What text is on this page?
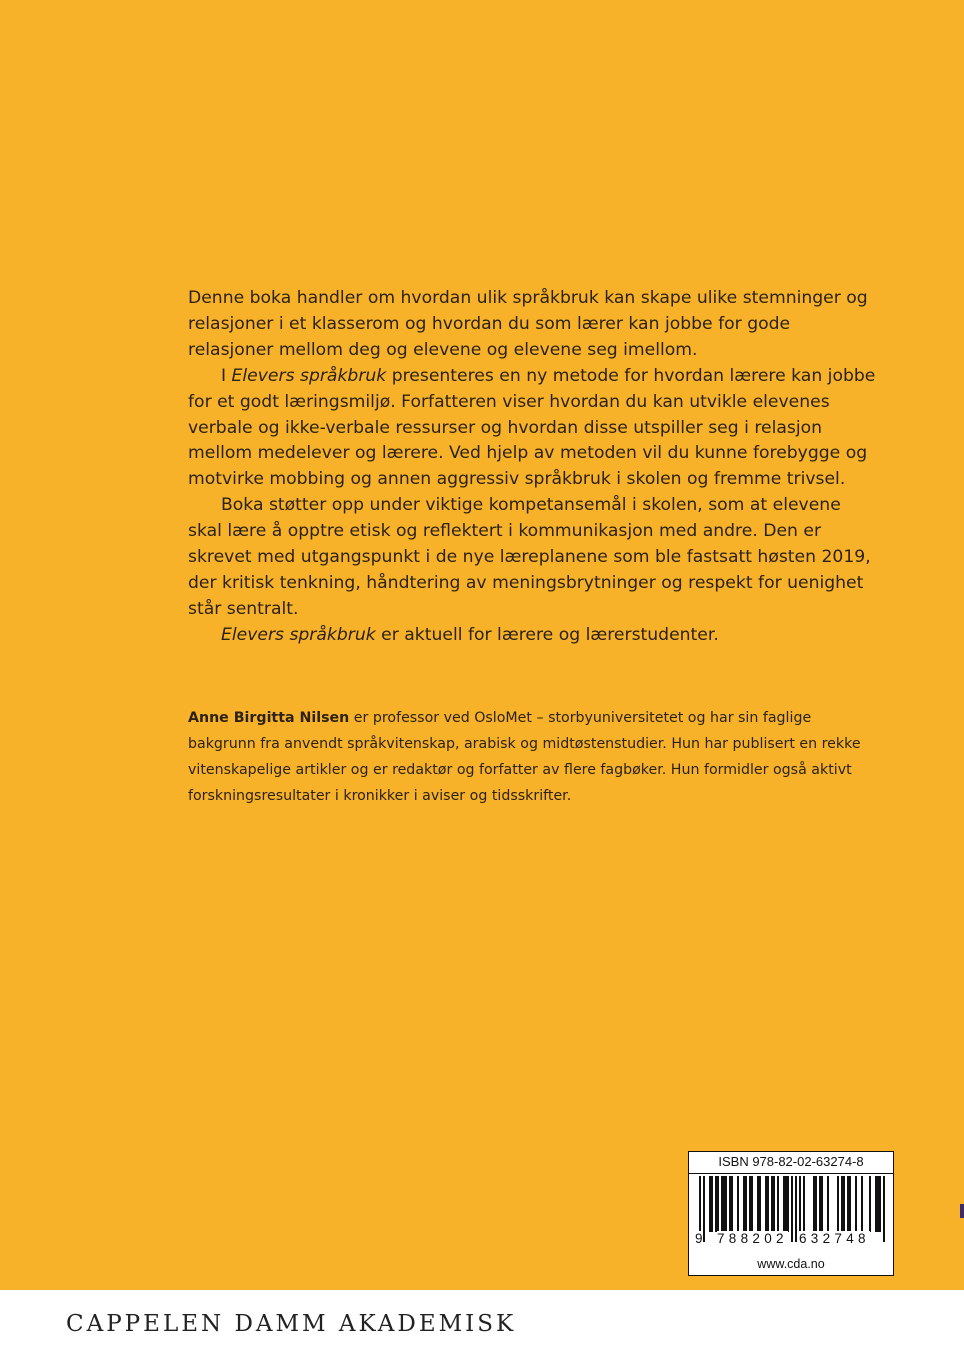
Denne boka handler om hvordan ulik språkbruk kan skape ulike stemninger og relasjoner i et klasserom og hvordan du som lærer kan jobbe for gode relasjoner mellom deg og elevene og elevene seg imellom.

I Elevers språkbruk presenteres en ny metode for hvordan lærere kan jobbe for et godt læringsmiljø. Forfatteren viser hvordan du kan utvikle elevenes verbale og ikke-verbale ressurser og hvordan disse utspiller seg i relasjon mellom medelever og lærere. Ved hjelp av metoden vil du kunne forebygge og motvirke mobbing og annen aggressiv språkbruk i skolen og fremme trivsel.

Boka støtter opp under viktige kompetansemål i skolen, som at elevene skal lære å opptre etisk og reflektert i kommunikasjon med andre. Den er skrevet med utgangspunkt i de nye læreplanene som ble fastsatt høsten 2019, der kritisk tenkning, håndtering av meningsbrytninger og respekt for uenighet står sentralt.

Elevers språkbruk er aktuell for lærere og lærerstudenter.

Anne Birgitta Nilsen er professor ved OsloMet – storbyuniversitetet og har sin faglige bakgrunn fra anvendt språkvitenskap, arabisk og midtøstenstudier. Hun har publisert en rekke vitenskapelige artikler og er redaktør og forfatter av flere fagbøker. Hun formidler også aktivt forskningsresultater i kronikker i aviser og tidsskrifter.

ISBN 978-82-02-63274-8
9 788202 632748
www.cda.no
CAPPELEN DAMM AKADEMISK
